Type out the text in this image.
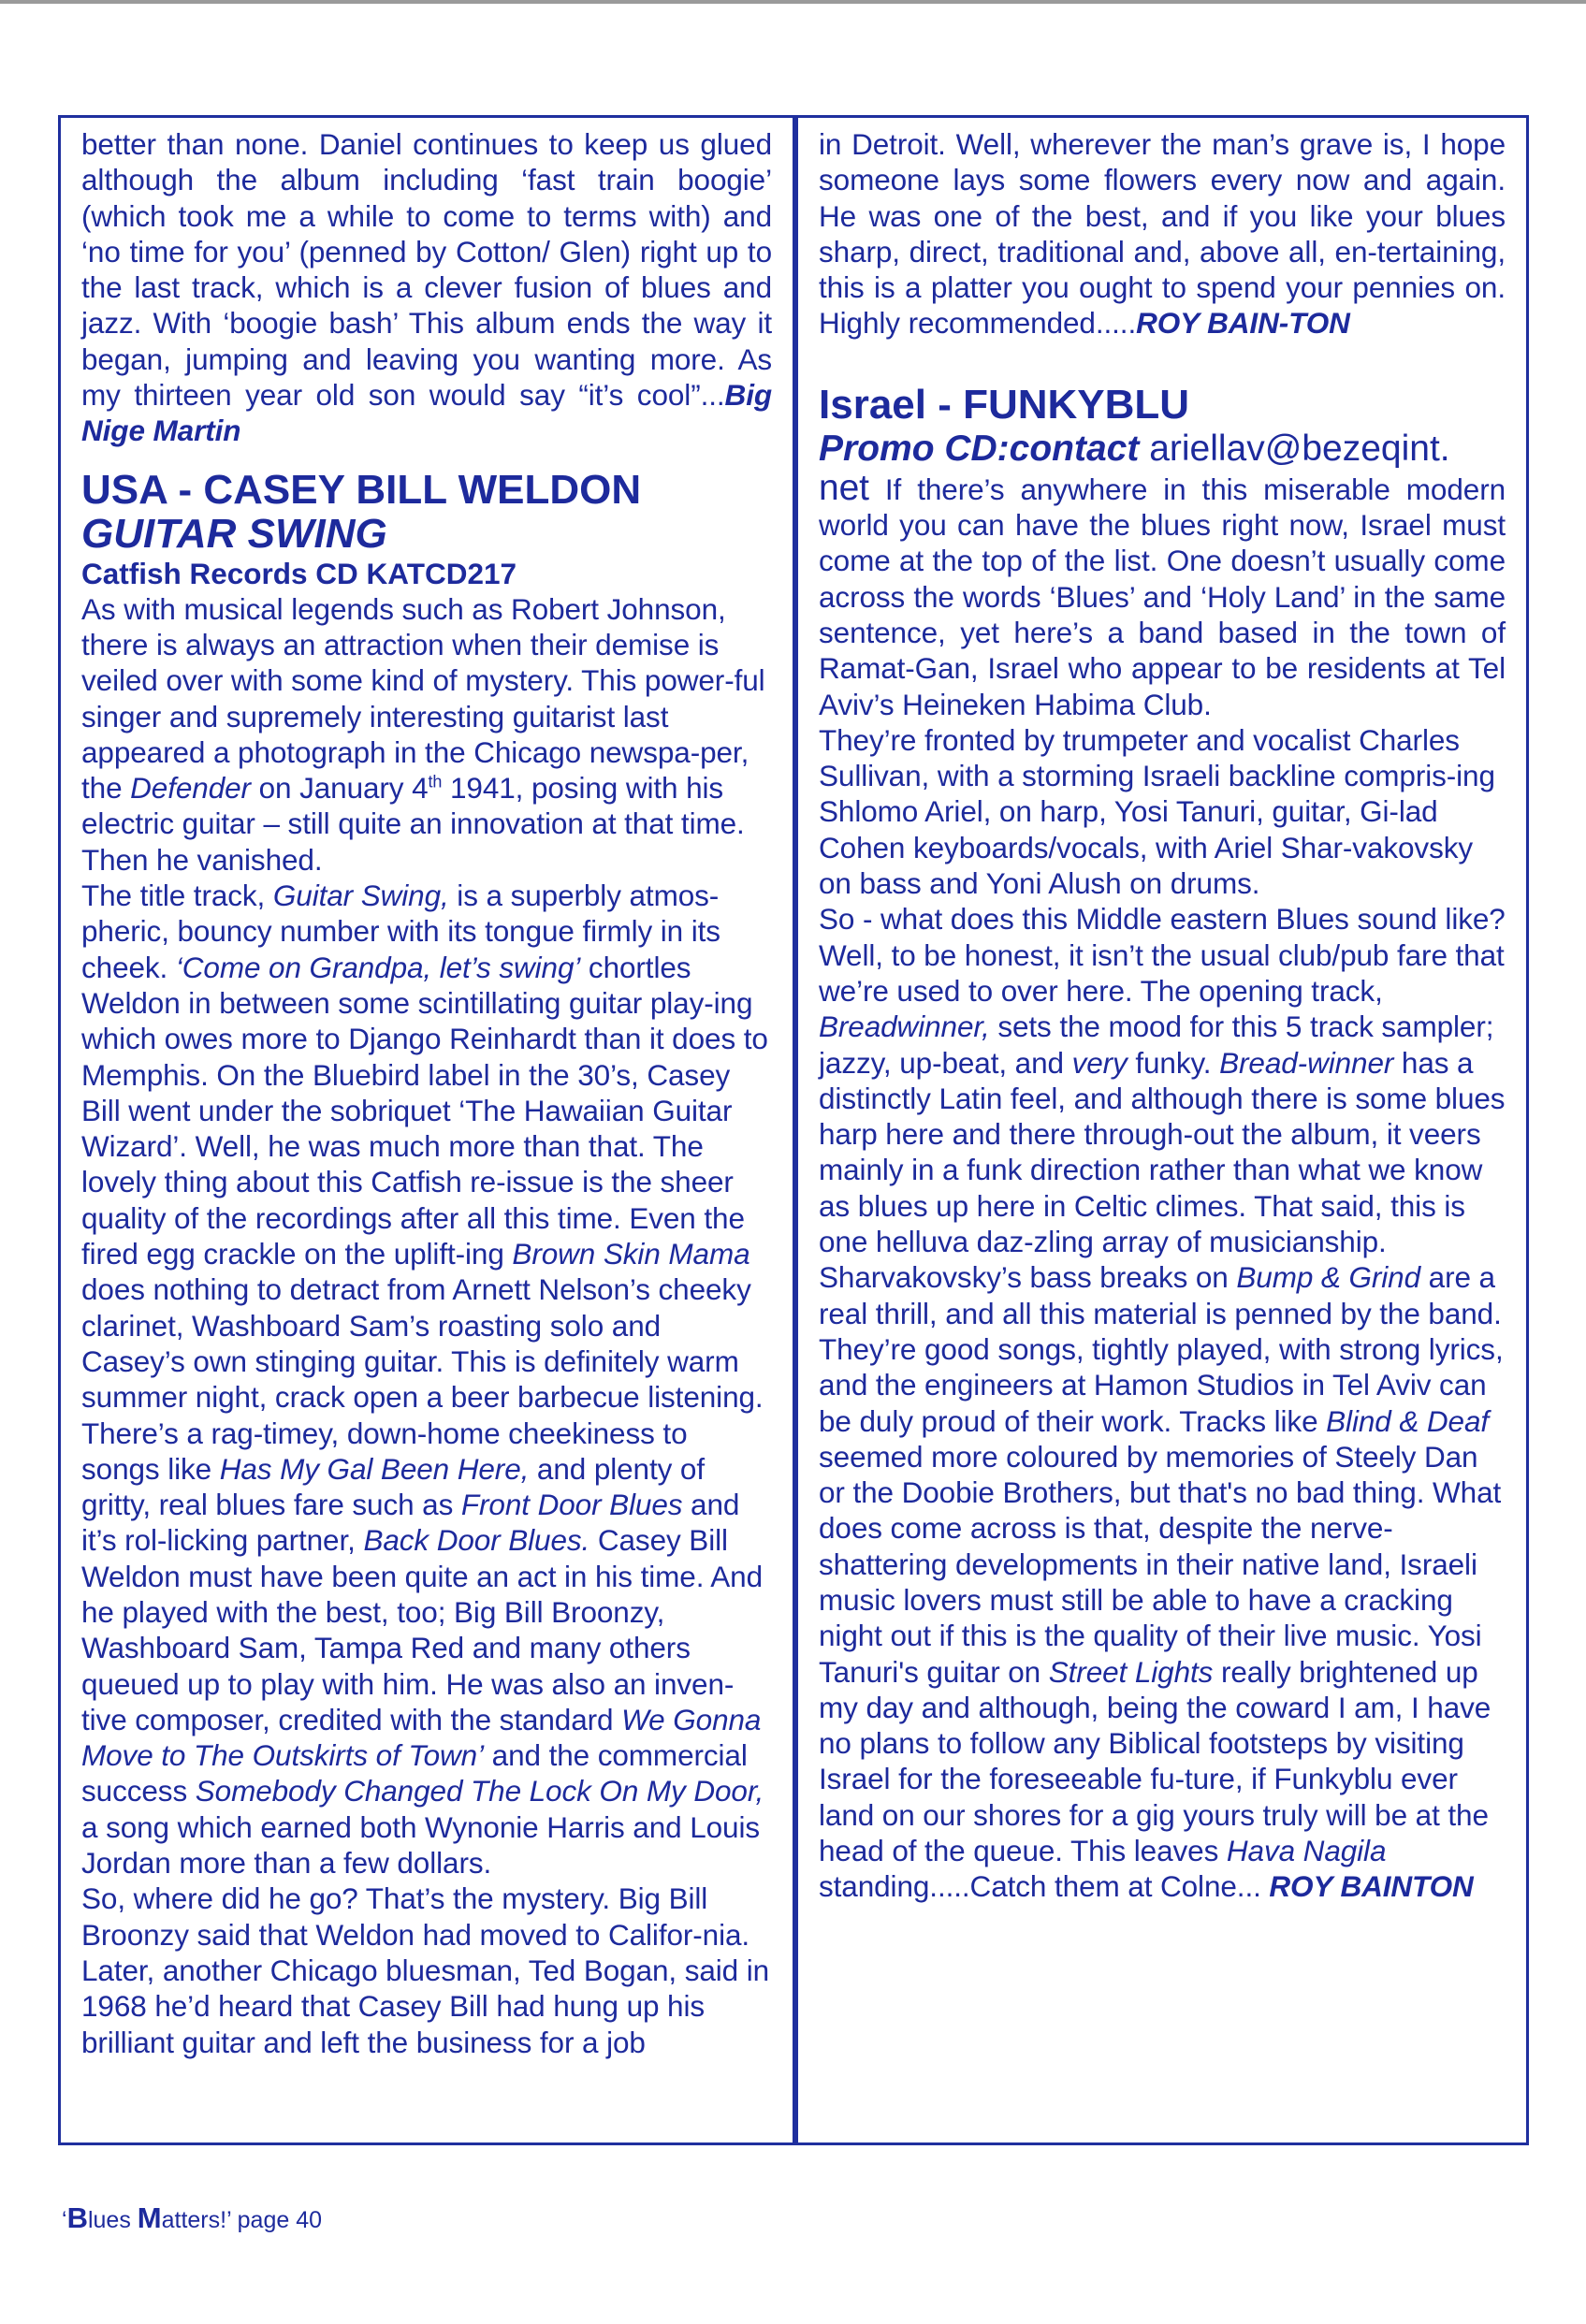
better than none. Daniel continues to keep us glued although the album including ‘fast train boogie’ (which took me a while to come to terms with) and ‘no time for you’ (penned by Cotton/ Glen) right up to the last track, which is a clever fusion of blues and jazz. With ‘boogie bash’ This album ends the way it began, jumping and leaving you wanting more. As my thirteen year old son would say “it’s cool”...Big Nige Martin

USA - CASEY BILL WELDON
GUITAR SWING

Catfish Records CD KATCD217

As with musical legends such as Robert Johnson, there is always an attraction when their demise is veiled over with some kind of mystery. This power-ful singer and supremely interesting guitarist last appeared a photograph in the Chicago newspa-per, the Defender on January 4th 1941, posing with his electric guitar – still quite an innovation at that time. Then he vanished.

The title track, Guitar Swing, is a superbly atmos-pheric, bouncy number with its tongue firmly in its cheek. ‘Come on Grandpa, let’s swing’ chortles Weldon in between some scintillating guitar play-ing which owes more to Django Reinhardt than it does to Memphis. On the Bluebird label in the 30’s, Casey Bill went under the sobriquet ‘The Hawaiian Guitar Wizard’. Well, he was much more than that. The lovely thing about this Catfish re-issue is the sheer quality of the recordings after all this time. Even the fired egg crackle on the uplift-ing Brown Skin Mama does nothing to detract from Arnett Nelson’s cheeky clarinet, Washboard Sam’s roasting solo and Casey’s own stinging guitar. This is definitely warm summer night, crack open a beer barbecue listening. There’s a rag-timey, down-home cheekiness to songs like Has My Gal Been Here, and plenty of gritty, real blues fare such as Front Door Blues and it’s rol-licking partner, Back Door Blues. Casey Bill Weldon must have been quite an act in his time. And he played with the best, too; Big Bill Broonzy, Washboard Sam, Tampa Red and many others queued up to play with him. He was also an inven-tive composer, credited with the standard We Gonna Move to The Outskirts of Town’ and the commercial success Somebody Changed The Lock On My Door, a song which earned both Wynonie Harris and Louis Jordan more than a few dollars.

So, where did he go? That’s the mystery. Big Bill Broonzy said that Weldon had moved to Califor-nia. Later, another Chicago bluesman, Ted Bogan, said in 1968 he’d heard that Casey Bill had hung up his brilliant guitar and left the business for a job

in Detroit. Well, wherever the man’s grave is, I hope someone lays some flowers every now and again. He was one of the best, and if you like your blues sharp, direct, traditional and, above all, en-tertaining, this is a platter you ought to spend your pennies on. Highly recommended.....ROY BAIN-TON

Israel - FUNKYBLU

Promo CD:contact ariellav@bezeqint.

net If there’s anywhere in this miserable modern world you can have the blues right now, Israel must come at the top of the list. One doesn’t usually come across the words ‘Blues’ and ‘Holy Land’ in the same sentence, yet here’s a band based in the town of Ramat-Gan, Israel who appear to be residents at Tel Aviv’s Heineken Habima Club.

They’re fronted by trumpeter and vocalist Charles Sullivan, with a storming Israeli backline compris-ing Shlomo Ariel, on harp, Yosi Tanuri, guitar, Gi-lad Cohen keyboards/vocals, with Ariel Shar-vakovsky on bass and Yoni Alush on drums.

So - what does this Middle eastern Blues sound like? Well, to be honest, it isn’t the usual club/pub fare that we’re used to over here. The opening track, Breadwinner, sets the mood for this 5 track sampler; jazzy, up-beat, and very funky. Bread-winner has a distinctly Latin feel, and although there is some blues harp here and there through-out the album, it veers mainly in a funk direction rather than what we know as blues up here in Celtic climes. That said, this is one helluva daz-zling array of musicianship. Sharvakovsky’s bass breaks on Bump & Grind are a real thrill, and all this material is penned by the band. They’re good songs, tightly played, with strong lyrics, and the engineers at Hamon Studios in Tel Aviv can be duly proud of their work. Tracks like Blind & Deaf seemed more coloured by memories of Steely Dan or the Doobie Brothers, but that's no bad thing. What does come across is that, despite the nerve-shattering developments in their native land, Israeli music lovers must still be able to have a cracking night out if this is the quality of their live music. Yosi Tanuri's guitar on Street Lights really brightened up my day and although, being the coward I am, I have no plans to follow any Biblical footsteps by visiting Israel for the foreseeable fu-ture, if Funkyblu ever land on our shores for a gig yours truly will be at the head of the queue. This leaves Hava Nagila standing.....Catch them at Colne... ROY BAINTON

‘Blues Matters!’ page 40
